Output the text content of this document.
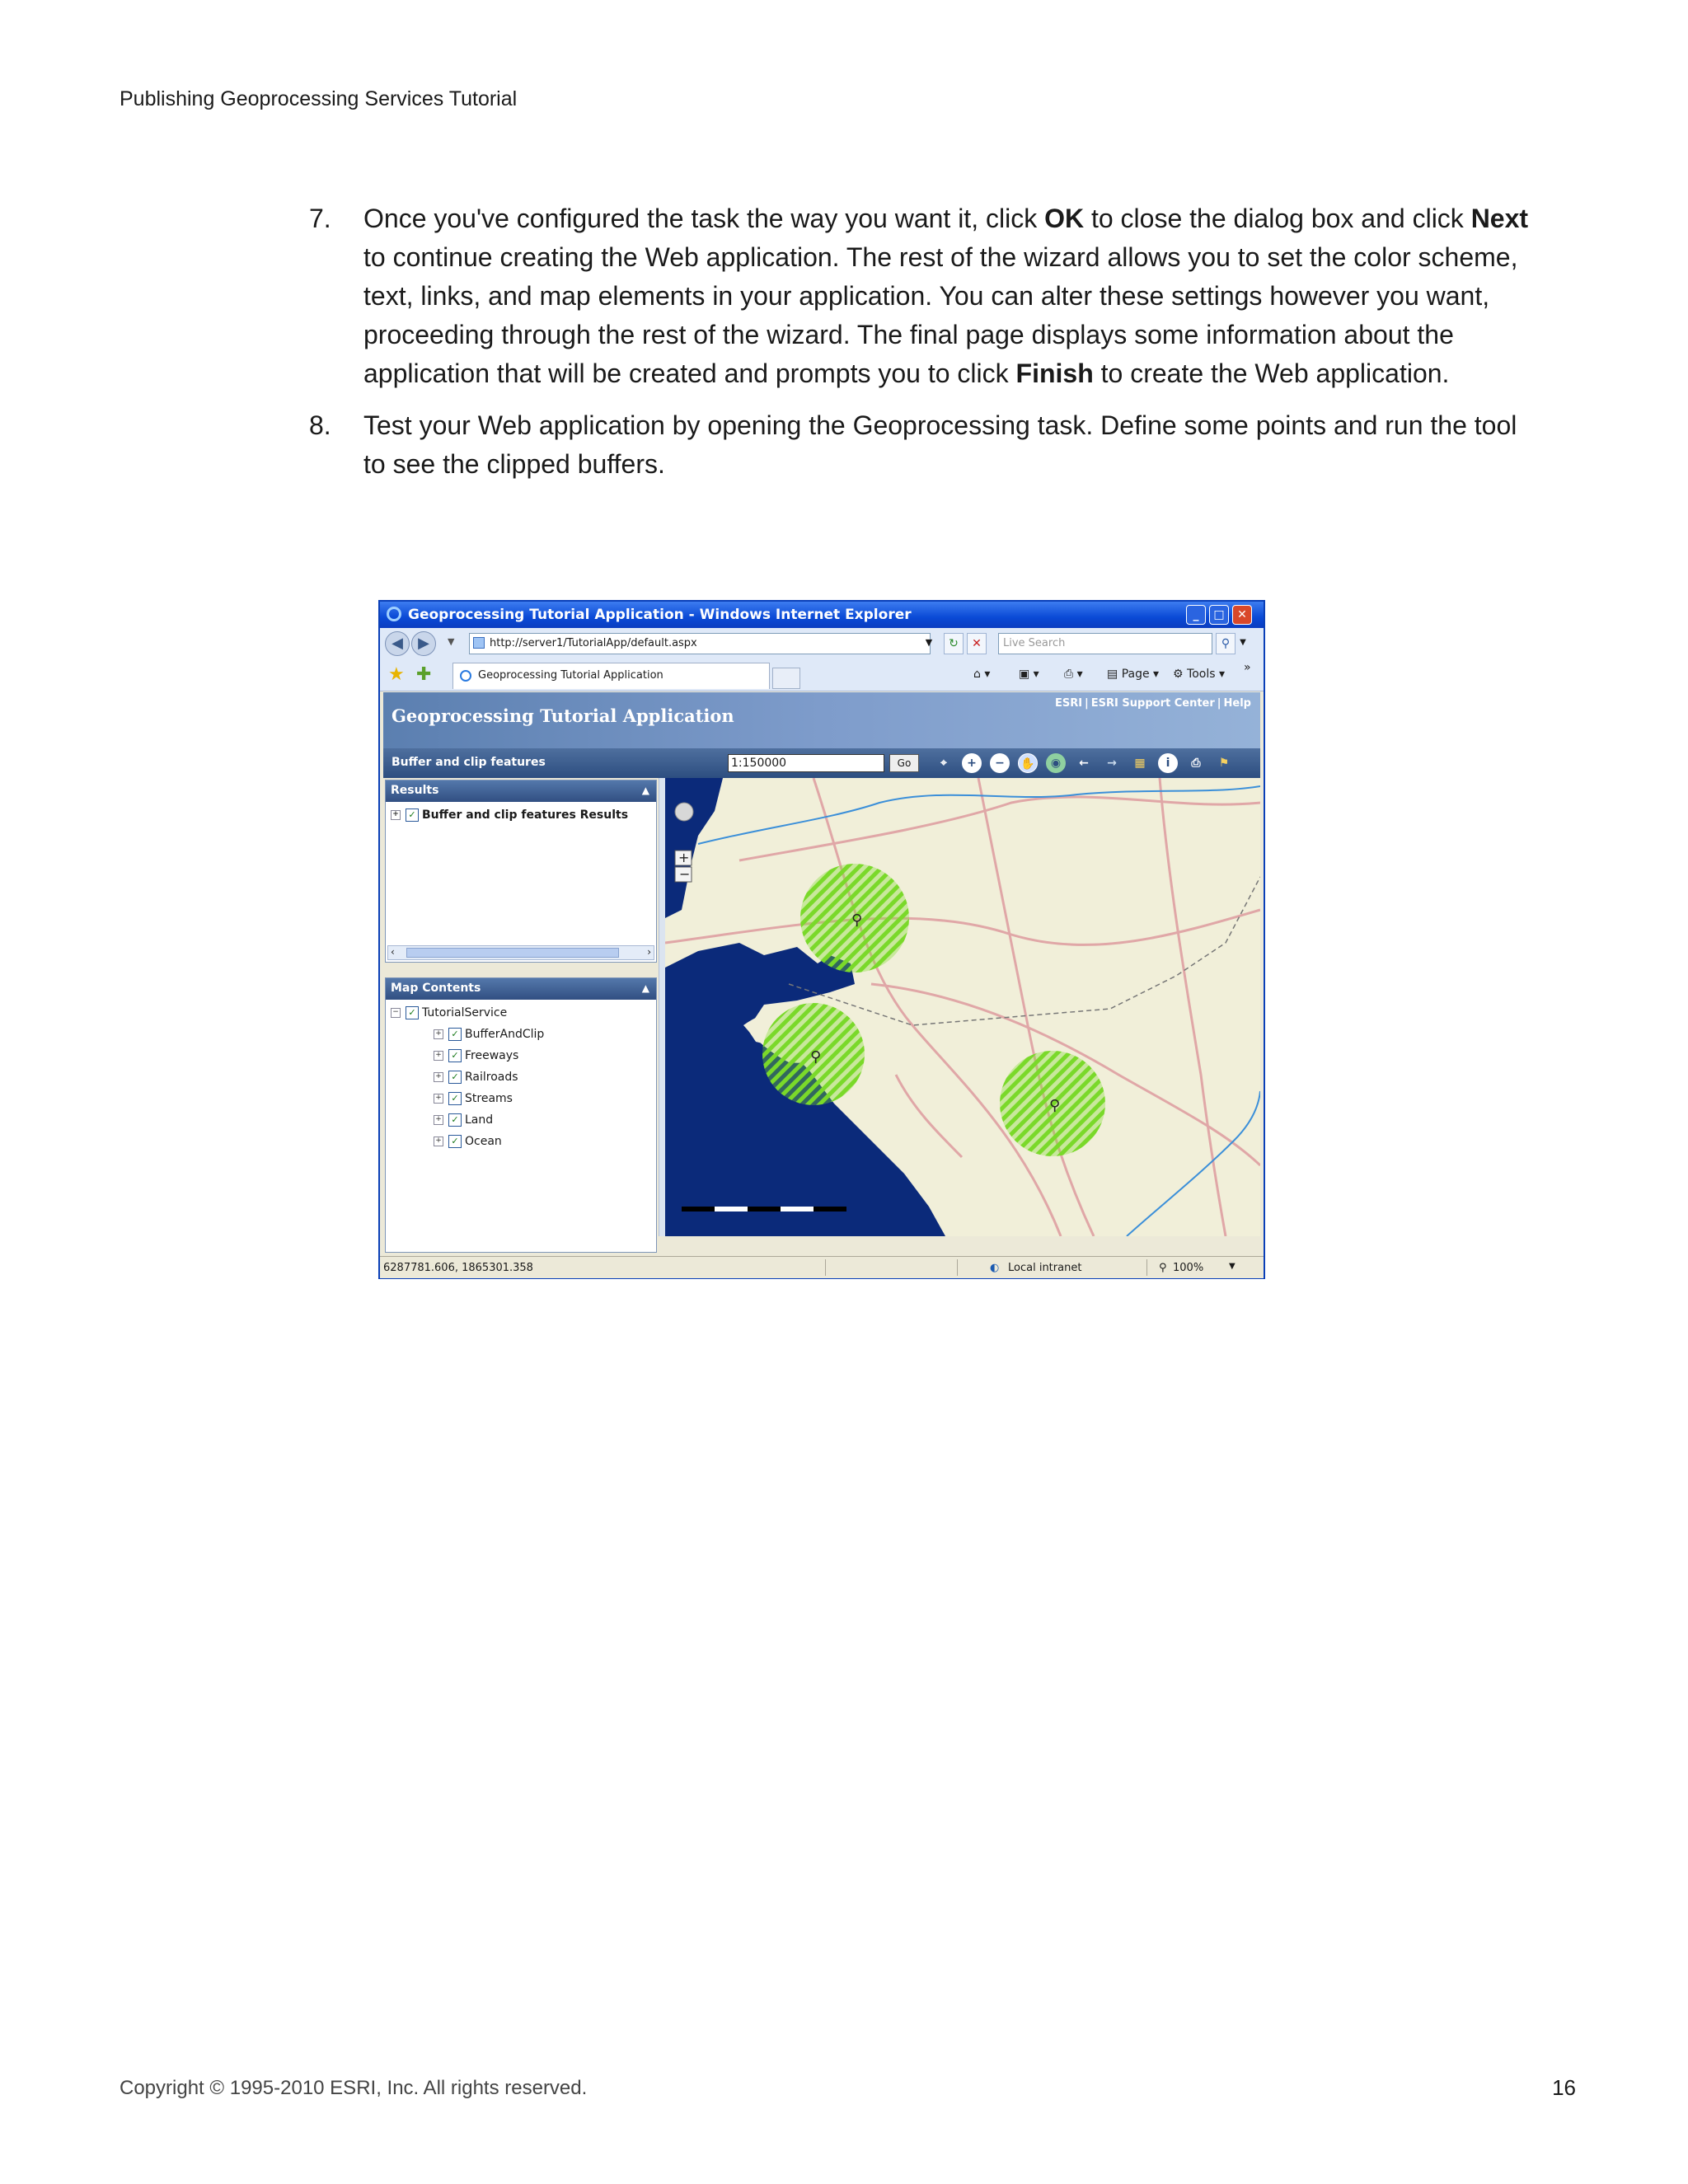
Publishing Geoprocessing Services Tutorial
7. Once you've configured the task the way you want it, click OK to close the dialog box and click Next to continue creating the Web application. The rest of the wizard allows you to set the color scheme, text, links, and map elements in your application. You can alter these settings however you want, proceeding through the rest of the wizard. The final page displays some information about the application that will be created and prompts you to click Finish to create the Web application.
8. Test your Web application by opening the Geoprocessing task. Define some points and run the tool to see the clipped buffers.
Geoprocessing Tutorial Application - Windows Internet Explorer	_	□	✕
◀	▶	▼	http://server1/TutorialApp/default.aspx	▼	↻	✕	Live Search	⚲	▼
★ ✚	Geoprocessing Tutorial Application	⌂ ▾ ▣ ▾ ⎙ ▾ ▤ Page ▾ ⚙ Tools ▾ »
Geoprocessing Tutorial Application
ESRI | ESRI Support Center | Help
Buffer and clip features	1:150000	Go	⌖	+	−	✋	◉	←	→	▦	i	⎙	⚑
Results	▲
+ ✓ Buffer and clip features Results
‹	›
Map Contents	▲
− ✓ TutorialService
+ ✓ BufferAndClip
+ ✓ Freeways
+ ✓ Railroads
+ ✓ Streams
+ ✓ Land
+ ✓ Ocean
⚲
⚲
⚲
+
−
6287781.606, 1865301.358	◐ Local intranet	⚲ 100%	▼
Copyright © 1995-2010 ESRI, Inc. All rights reserved.	16
